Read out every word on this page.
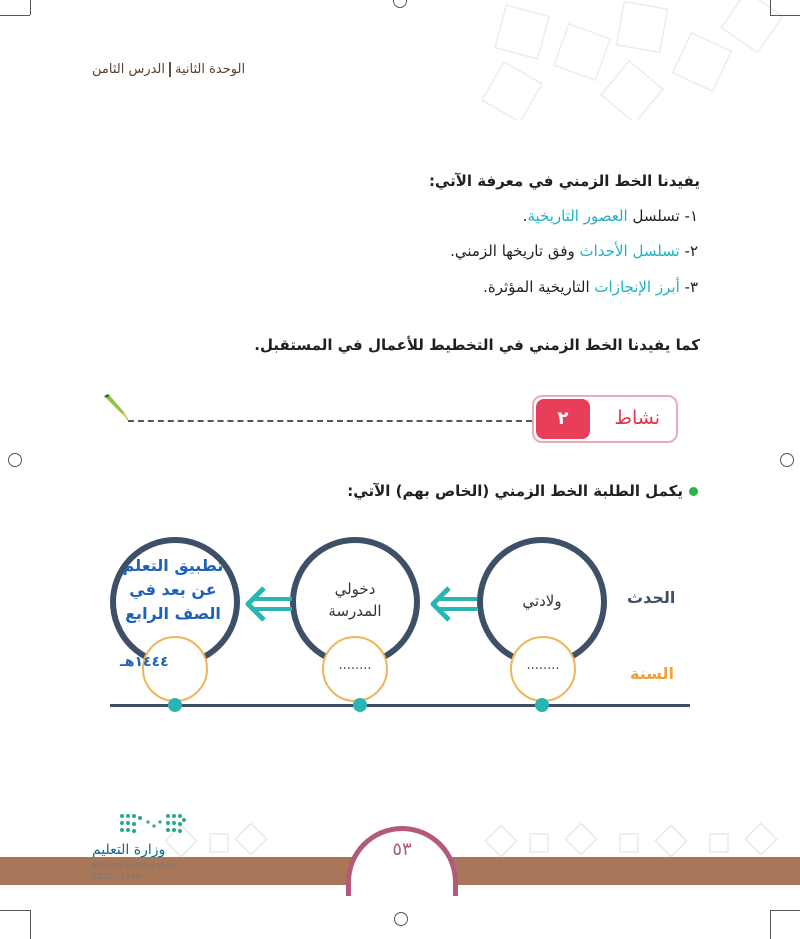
الوحدة الثانيةالدرس الثامن
يفيدنا الخط الزمني في معرفة الآتي:
١- تسلسل العصور التاريخية.
٢- تسلسل الأحداث وفق تاريخها الزمني.
٣- أبرز الإنجازات التاريخية المؤثرة.
كما يفيدنا الخط الزمني في التخطيط للأعمال في المستقبل.
نشاط
٢
يكمل الطلبة الخط الزمني (الخاص بهم) الآتي:
الحدث
السنة
ولادتي
........
دخولي
المدرسة
........
تطبيق التعلم
عن بعد في
الصف الرابع
١٤٤٤هـ
٥٣
وزارة التعليم
Ministry of Education
2022 - 1444
